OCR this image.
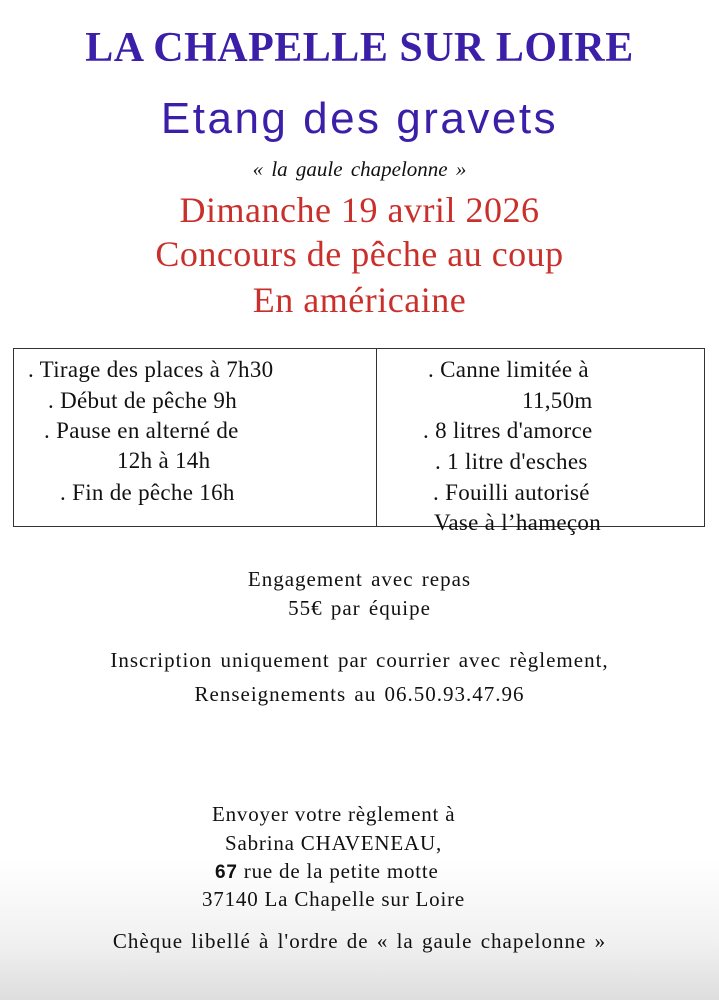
LA CHAPELLE SUR LOIRE
Etang des gravets
« la gaule chapelonne »
Dimanche 19 avril 2026
Concours de pêche au coup
En américaine
. Tirage des places à 7h30
. Début de pêche 9h
. Pause en alterné de
12h à 14h
. Fin de pêche 16h
. Canne limitée à
11,50m
. 8 litres d'amorce
. 1 litre d'esches
. Fouilli autorisé
Vase à l’hameçon
Engagement avec repas
55€ par équipe
Inscription uniquement par courrier avec règlement,
Renseignements au 06.50.93.47.96
Envoyer votre règlement à
Sabrina CHAVENEAU,
67 rue de la petite motte
37140 La Chapelle sur Loire
Chèque libellé à l'ordre de « la gaule chapelonne »
